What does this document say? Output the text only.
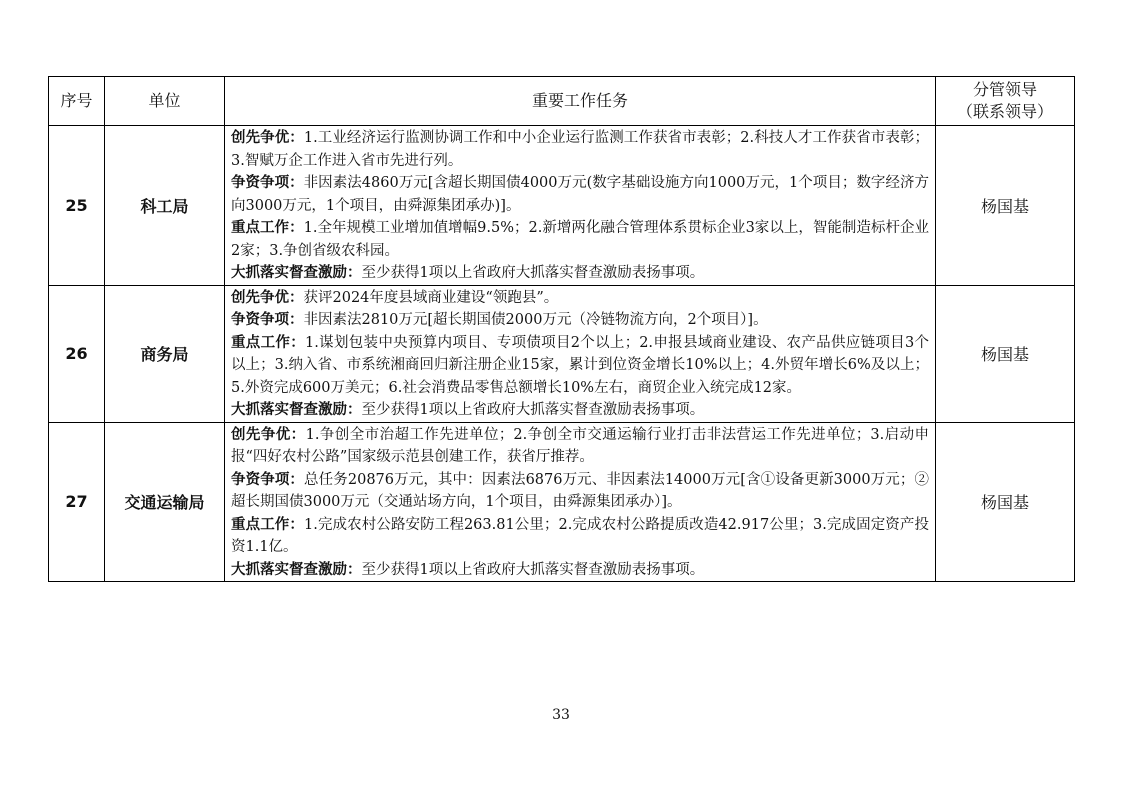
序号	单位	重要工作任务	分管领导
（联系领导）

25	科工局	创先争优：1.工业经济运行监测协调工作和中小企业运行监测工作获省市表彰；2.科技人才工作获省市表彰；3.智赋万企工作进入省市先进行列。
争资争项：非因素法4860万元[含超长期国债4000万元(数字基础设施方向1000万元，1个项目；数字经济方向3000万元，1个项目，由舜源集团承办)]。
重点工作：1.全年规模工业增加值增幅9.5%；2.新增两化融合管理体系贯标企业3家以上，智能制造标杆企业2家；3.争创省级农科园。
大抓落实督查激励：至少获得1项以上省政府大抓落实督查激励表扬事项。	杨国基
26	商务局	创先争优：获评2024年度县域商业建设“领跑县”。
争资争项：非因素法2810万元[超长期国债2000万元（冷链物流方向，2个项目）]。
重点工作：1.谋划包装中央预算内项目、专项债项目2个以上；2.申报县域商业建设、农产品供应链项目3个以上；3.纳入省、市系统湘商回归新注册企业15家，累计到位资金增长10%以上；4.外贸年增长6%及以上；5.外资完成600万美元；6.社会消费品零售总额增长10%左右，商贸企业入统完成12家。
大抓落实督查激励：至少获得1项以上省政府大抓落实督查激励表扬事项。	杨国基
27	交通运输局	创先争优：1.争创全市治超工作先进单位；2.争创全市交通运输行业打击非法营运工作先进单位；3.启动申报“四好农村公路”国家级示范县创建工作，获省厅推荐。
争资争项：总任务20876万元，其中：因素法6876万元、非因素法14000万元[含①设备更新3000万元；②超长期国债3000万元（交通站场方向，1个项目，由舜源集团承办）]。
重点工作：1.完成农村公路安防工程263.81公里；2.完成农村公路提质改造42.917公里；3.完成固定资产投资1.1亿。
大抓落实督查激励：至少获得1项以上省政府大抓落实督查激励表扬事项。	杨国基
33
